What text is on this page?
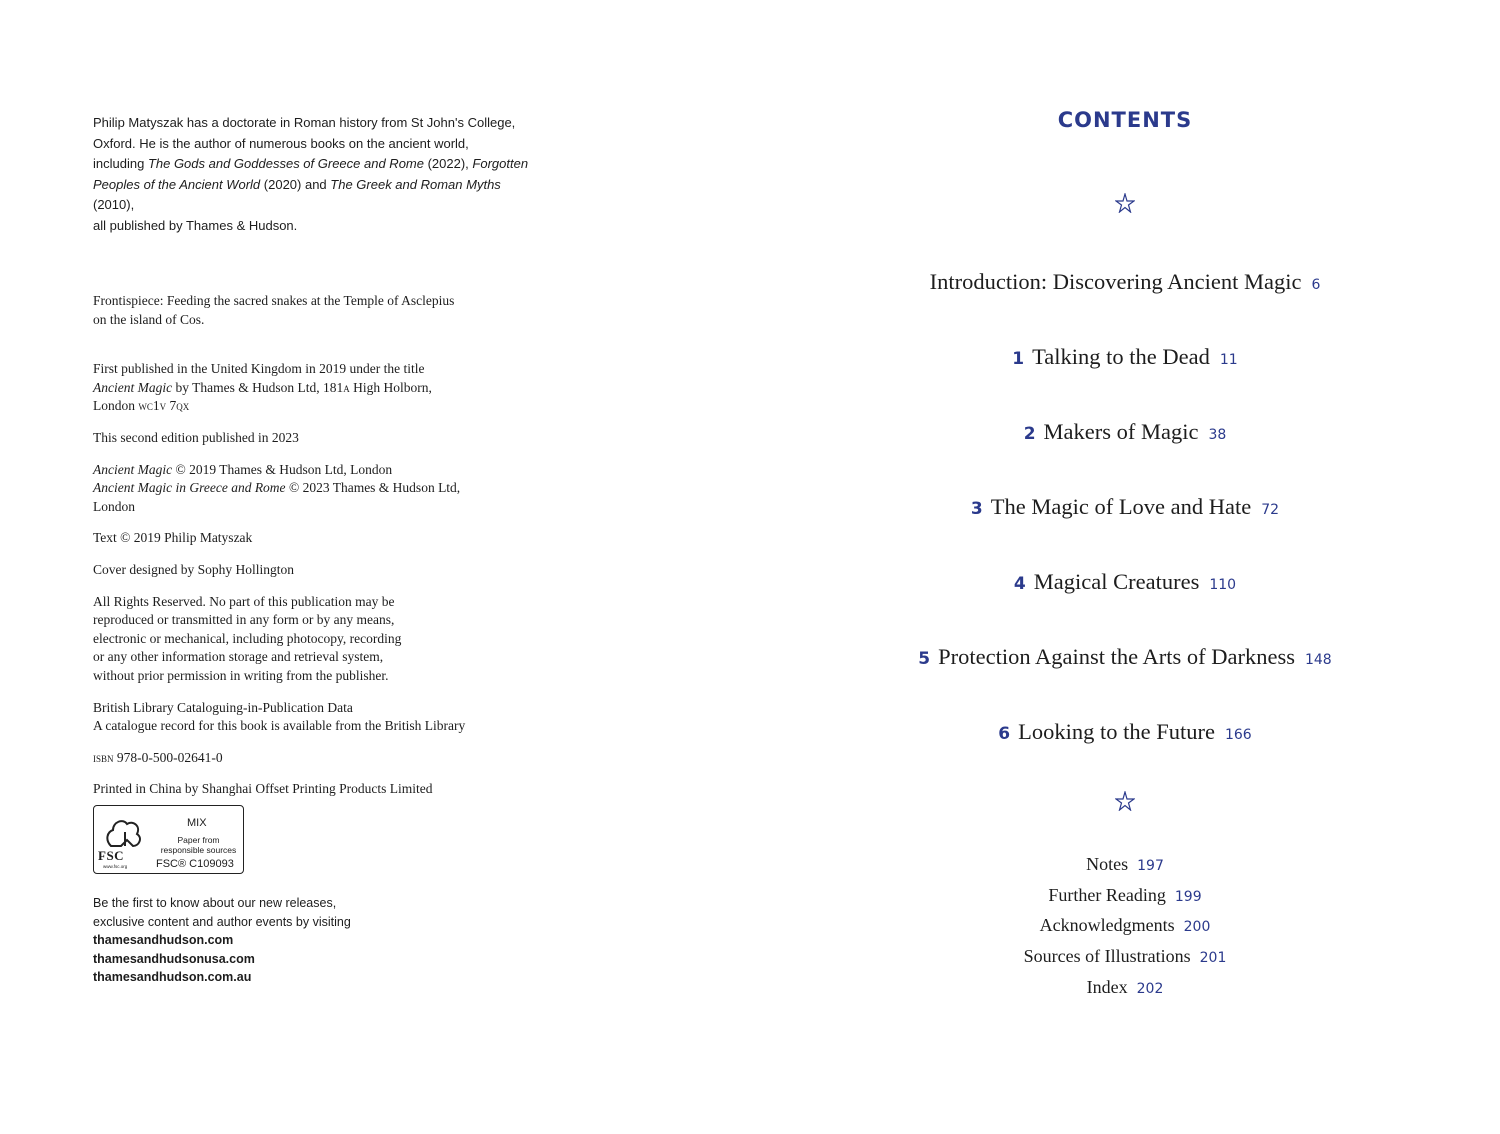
Philip Matyszak has a doctorate in Roman history from St John's College,
Oxford. He is the author of numerous books on the ancient world,
including The Gods and Goddesses of Greece and Rome (2022), Forgotten
Peoples of the Ancient World (2020) and The Greek and Roman Myths (2010),
all published by Thames & Hudson.
Frontispiece: Feeding the sacred snakes at the Temple of Asclepius
on the island of Cos.
First published in the United Kingdom in 2019 under the title
Ancient Magic by Thames & Hudson Ltd, 181a High Holborn,
London wc1v 7qx
This second edition published in 2023
Ancient Magic © 2019 Thames & Hudson Ltd, London
Ancient Magic in Greece and Rome © 2023 Thames & Hudson Ltd,
London
Text © 2019 Philip Matyszak
Cover designed by Sophy Hollington
All Rights Reserved. No part of this publication may be
reproduced or transmitted in any form or by any means,
electronic or mechanical, including photocopy, recording
or any other information storage and retrieval system,
without prior permission in writing from the publisher.
British Library Cataloguing-in-Publication Data
A catalogue record for this book is available from the British Library
isbn 978-0-500-02641-0
Printed in China by Shanghai Offset Printing Products Limited
FSC
www.fsc.org
MIX
Paper from
responsible sources
FSC® C109093
Be the first to know about our new releases,
exclusive content and author events by visiting
thamesandhudson.com
thamesandhudsonusa.com
thamesandhudson.com.au
CONTENTS
Introduction: Discovering Ancient Magic 6
1 Talking to the Dead 11
2 Makers of Magic 38
3 The Magic of Love and Hate 72
4 Magical Creatures 110
5 Protection Against the Arts of Darkness 148
6 Looking to the Future 166
Notes 197
Further Reading 199
Acknowledgments 200
Sources of Illustrations 201
Index 202
